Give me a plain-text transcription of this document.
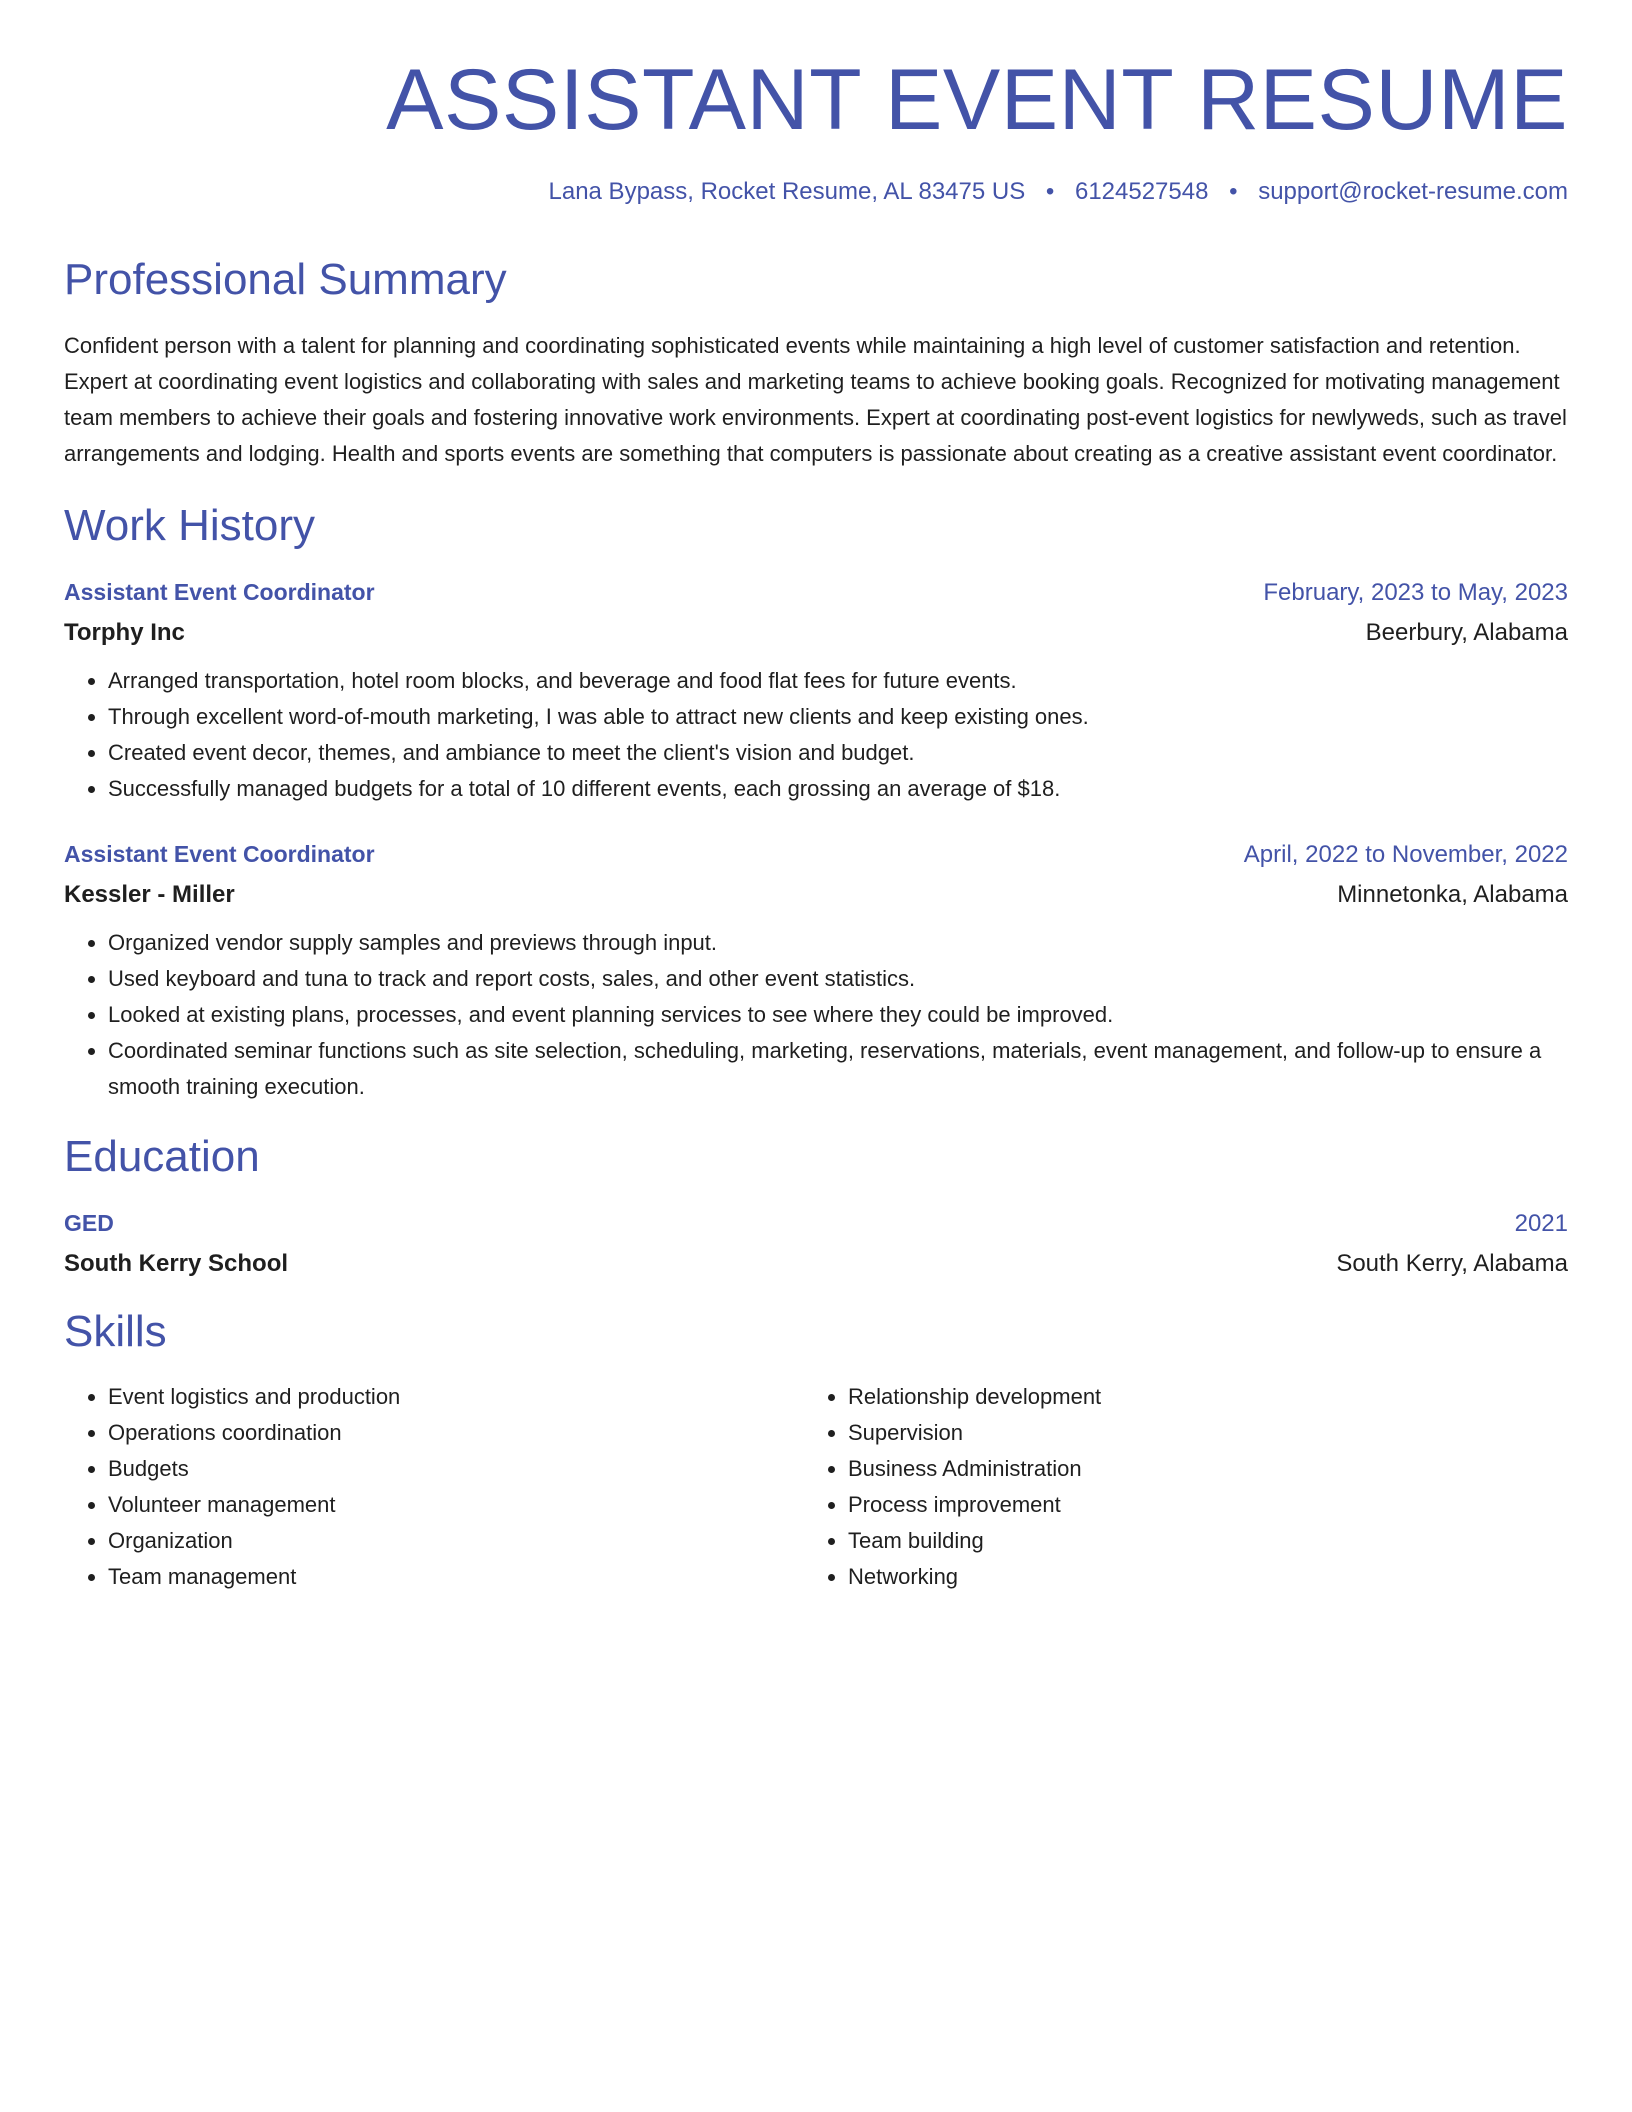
ASSISTANT EVENT RESUME
Lana Bypass, Rocket Resume, AL 83475 US • 6124527548 • support@rocket-resume.com
Professional Summary

Confident person with a talent for planning and coordinating sophisticated events while maintaining a high level of customer satisfaction and retention. Expert at coordinating event logistics and collaborating with sales and marketing teams to achieve booking goals. Recognized for motivating management team members to achieve their goals and fostering innovative work environments. Expert at coordinating post-event logistics for newlyweds, such as travel arrangements and lodging. Health and sports events are something that computers is passionate about creating as a creative assistant event coordinator.

Work History
Assistant Event Coordinator	February, 2023 to May, 2023
Torphy Inc	Beerbury, Alabama
• Arranged transportation, hotel room blocks, and beverage and food flat fees for future events.
• Through excellent word-of-mouth marketing, I was able to attract new clients and keep existing ones.
• Created event decor, themes, and ambiance to meet the client's vision and budget.
• Successfully managed budgets for a total of 10 different events, each grossing an average of $18.
Assistant Event Coordinator	April, 2022 to November, 2022
Kessler - Miller	Minnetonka, Alabama
• Organized vendor supply samples and previews through input.
• Used keyboard and tuna to track and report costs, sales, and other event statistics.
• Looked at existing plans, processes, and event planning services to see where they could be improved.
• Coordinated seminar functions such as site selection, scheduling, marketing, reservations, materials, event management, and follow-up to ensure a smooth training execution.
Education
GED	2021
South Kerry School	South Kerry, Alabama
Skills
• Event logistics and production
• Operations coordination
• Budgets
• Volunteer management
• Organization
• Team management
• Relationship development
• Supervision
• Business Administration
• Process improvement
• Team building
• Networking
